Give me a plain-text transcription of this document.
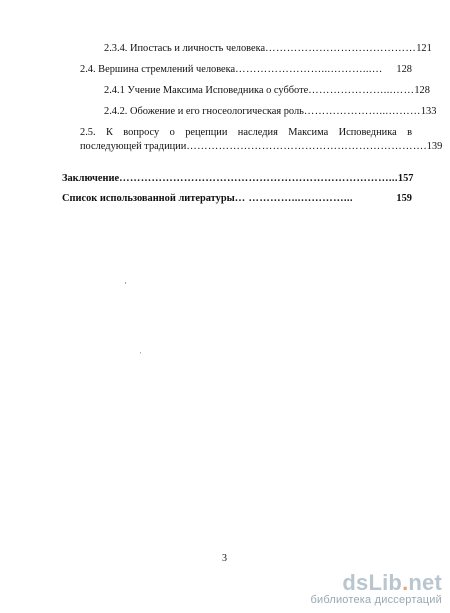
2.3.4. Ипостась и личность человека …………………………………… 121
2.4. Вершина стремлений человека ……………………...………...…	128
2.4.1 Учение Максима Исповедника о субботе …………………...…… 128
2.4.2. Обожение и его гносеологическая роль …………………...……… 133
2.5. К вопросу о рецепции наследия Максима Исповедника в
последующей традиции …………………………………………………………. 139
Заключение …………………………………………………………………... 157
Список использованной литературы … …………...…………...	159
·
ˌ
3
dsLib.net
библиотека диссертаций
